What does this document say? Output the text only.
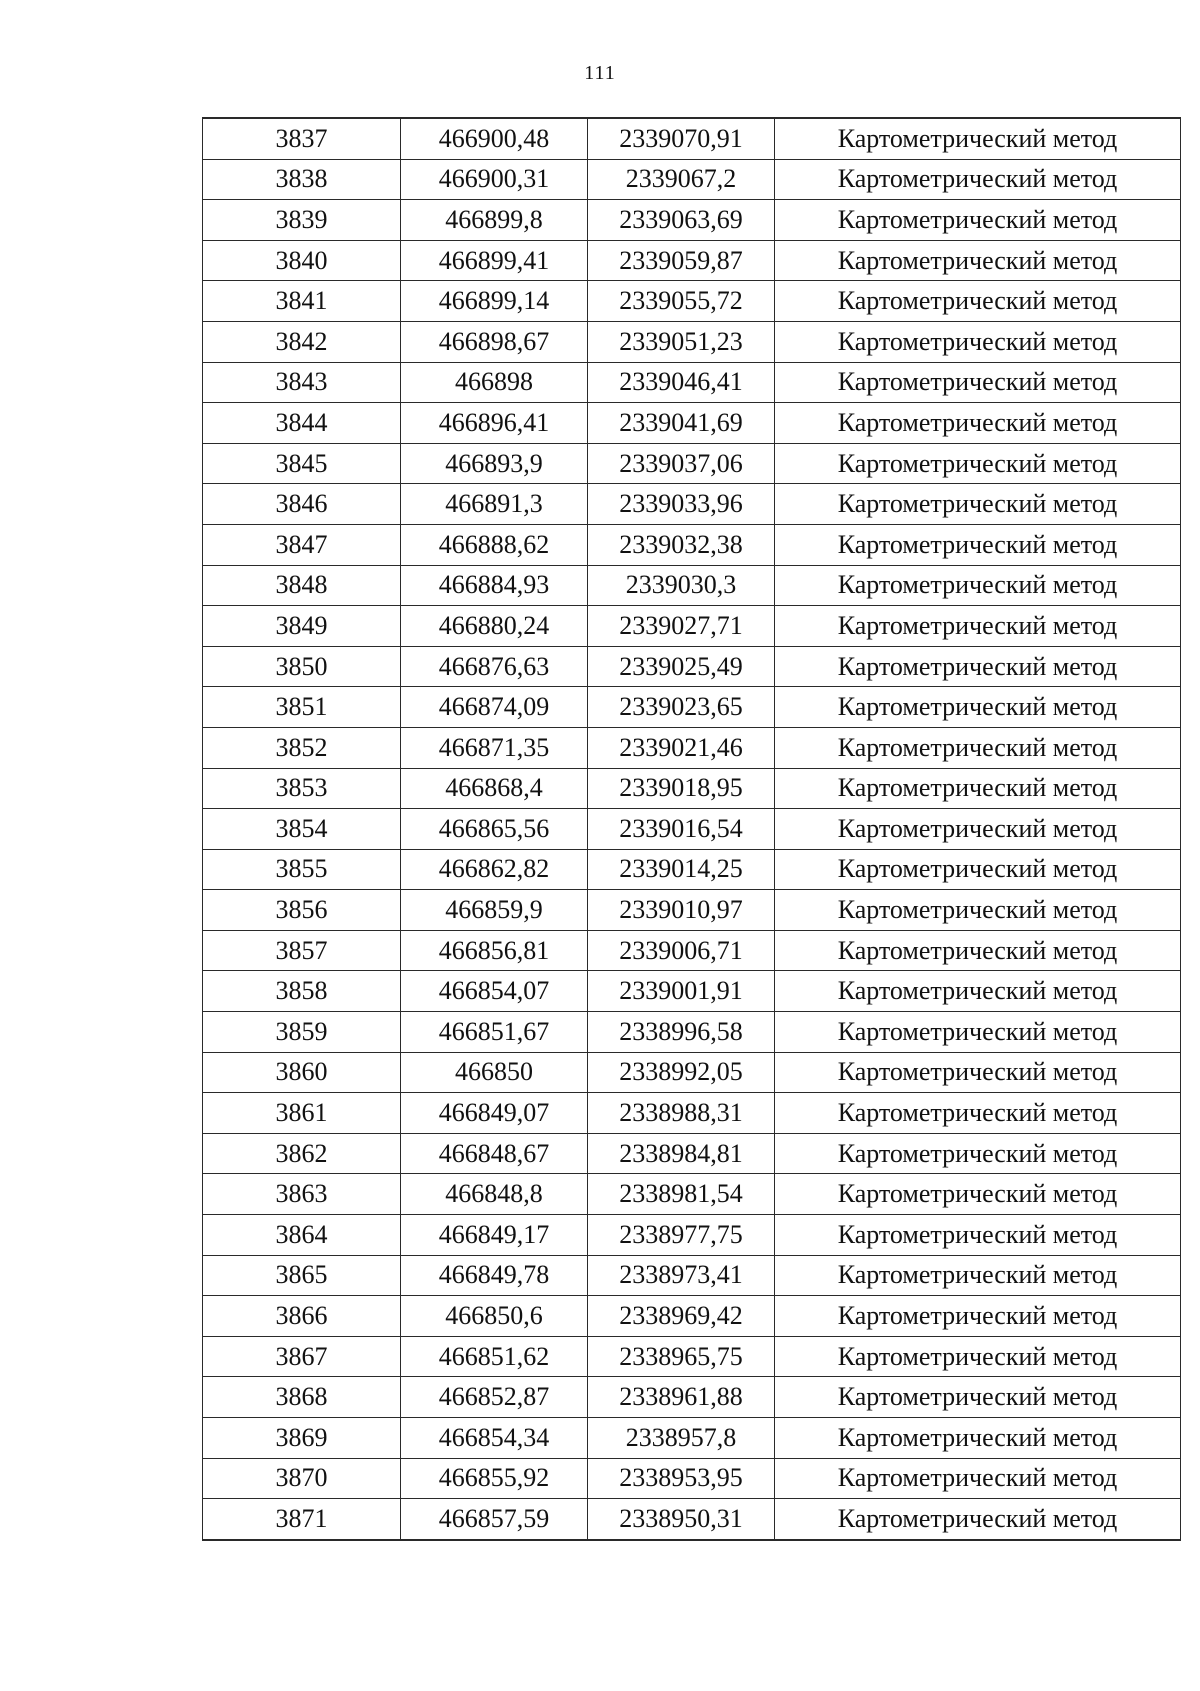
111
3837	466900,48	2339070,91	Картометрический метод
3838	466900,31	2339067,2	Картометрический метод
3839	466899,8	2339063,69	Картометрический метод
3840	466899,41	2339059,87	Картометрический метод
3841	466899,14	2339055,72	Картометрический метод
3842	466898,67	2339051,23	Картометрический метод
3843	466898	2339046,41	Картометрический метод
3844	466896,41	2339041,69	Картометрический метод
3845	466893,9	2339037,06	Картометрический метод
3846	466891,3	2339033,96	Картометрический метод
3847	466888,62	2339032,38	Картометрический метод
3848	466884,93	2339030,3	Картометрический метод
3849	466880,24	2339027,71	Картометрический метод
3850	466876,63	2339025,49	Картометрический метод
3851	466874,09	2339023,65	Картометрический метод
3852	466871,35	2339021,46	Картометрический метод
3853	466868,4	2339018,95	Картометрический метод
3854	466865,56	2339016,54	Картометрический метод
3855	466862,82	2339014,25	Картометрический метод
3856	466859,9	2339010,97	Картометрический метод
3857	466856,81	2339006,71	Картометрический метод
3858	466854,07	2339001,91	Картометрический метод
3859	466851,67	2338996,58	Картометрический метод
3860	466850	2338992,05	Картометрический метод
3861	466849,07	2338988,31	Картометрический метод
3862	466848,67	2338984,81	Картометрический метод
3863	466848,8	2338981,54	Картометрический метод
3864	466849,17	2338977,75	Картометрический метод
3865	466849,78	2338973,41	Картометрический метод
3866	466850,6	2338969,42	Картометрический метод
3867	466851,62	2338965,75	Картометрический метод
3868	466852,87	2338961,88	Картометрический метод
3869	466854,34	2338957,8	Картометрический метод
3870	466855,92	2338953,95	Картометрический метод
3871	466857,59	2338950,31	Картометрический метод
